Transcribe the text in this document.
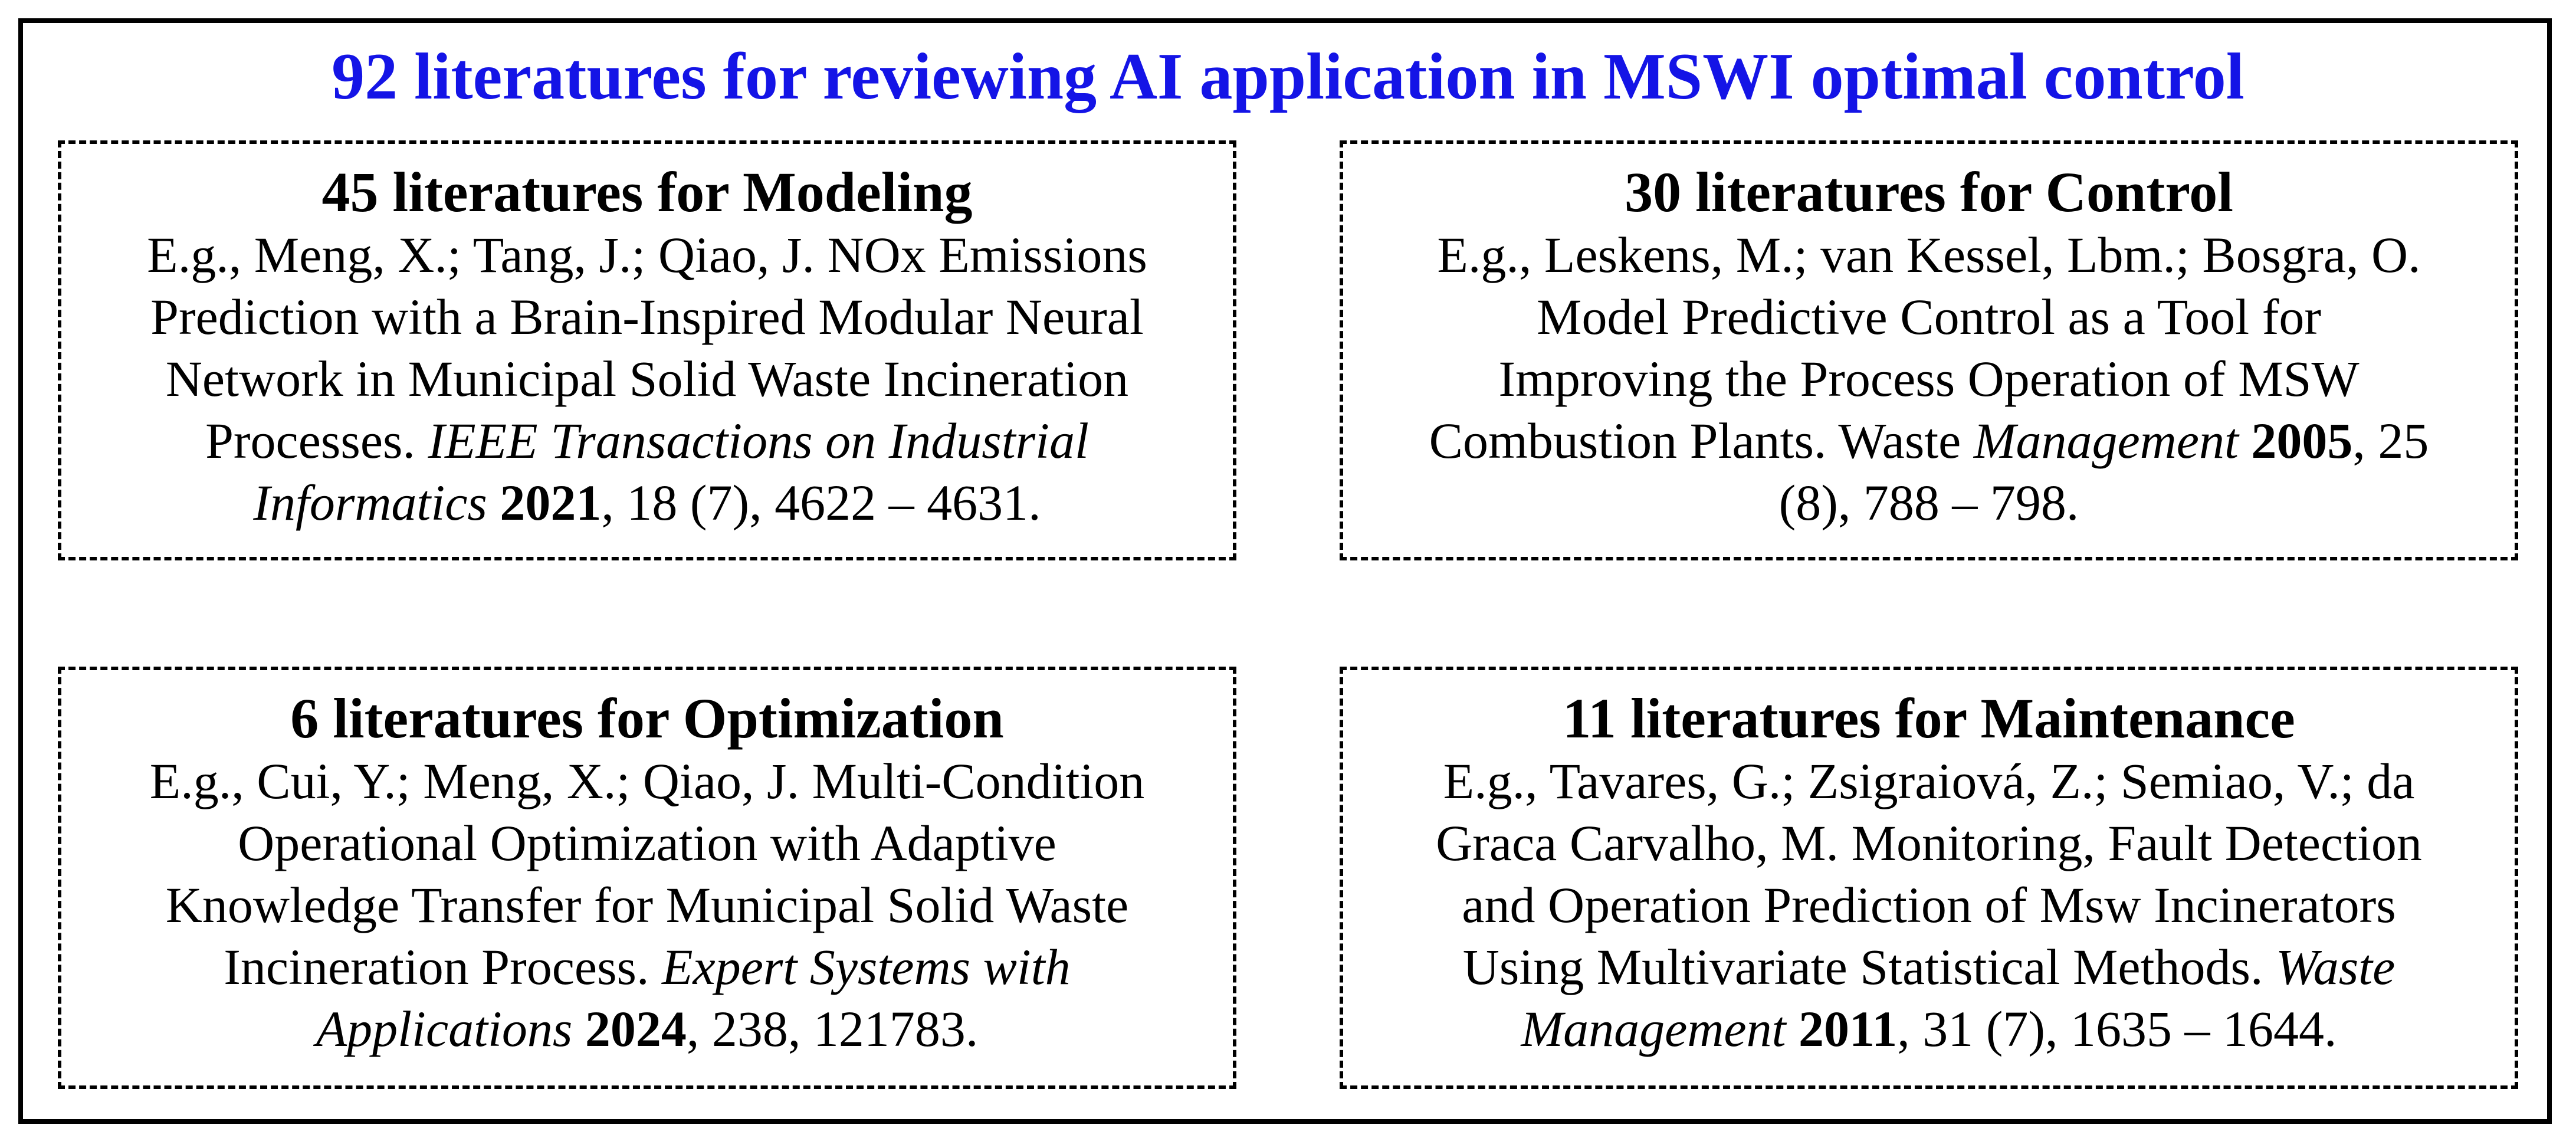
92 literatures for reviewing AI application in MSWI optimal control
45 literatures for Modeling
E.g., Meng, X.; Tang, J.; Qiao, J. NOx Emissions
Prediction with a Brain-Inspired Modular Neural
Network in Municipal Solid Waste Incineration
Processes. IEEE Transactions on Industrial
Informatics 2021, 18 (7), 4622 – 4631.
30 literatures for Control
E.g., Leskens, M.; van Kessel, Lbm.; Bosgra, O.
Model Predictive Control as a Tool for
Improving the Process Operation of MSW
Combustion Plants. Waste Management 2005, 25
(8), 788 – 798.
6 literatures for Optimization
E.g., Cui, Y.; Meng, X.; Qiao, J. Multi-Condition
Operational Optimization with Adaptive
Knowledge Transfer for Municipal Solid Waste
Incineration Process. Expert Systems with
Applications 2024, 238, 121783.
11 literatures for Maintenance
E.g., Tavares, G.; Zsigraiová, Z.; Semiao, V.; da
Graca Carvalho, M. Monitoring, Fault Detection
and Operation Prediction of Msw Incinerators
Using Multivariate Statistical Methods. Waste
Management 2011, 31 (7), 1635 – 1644.
